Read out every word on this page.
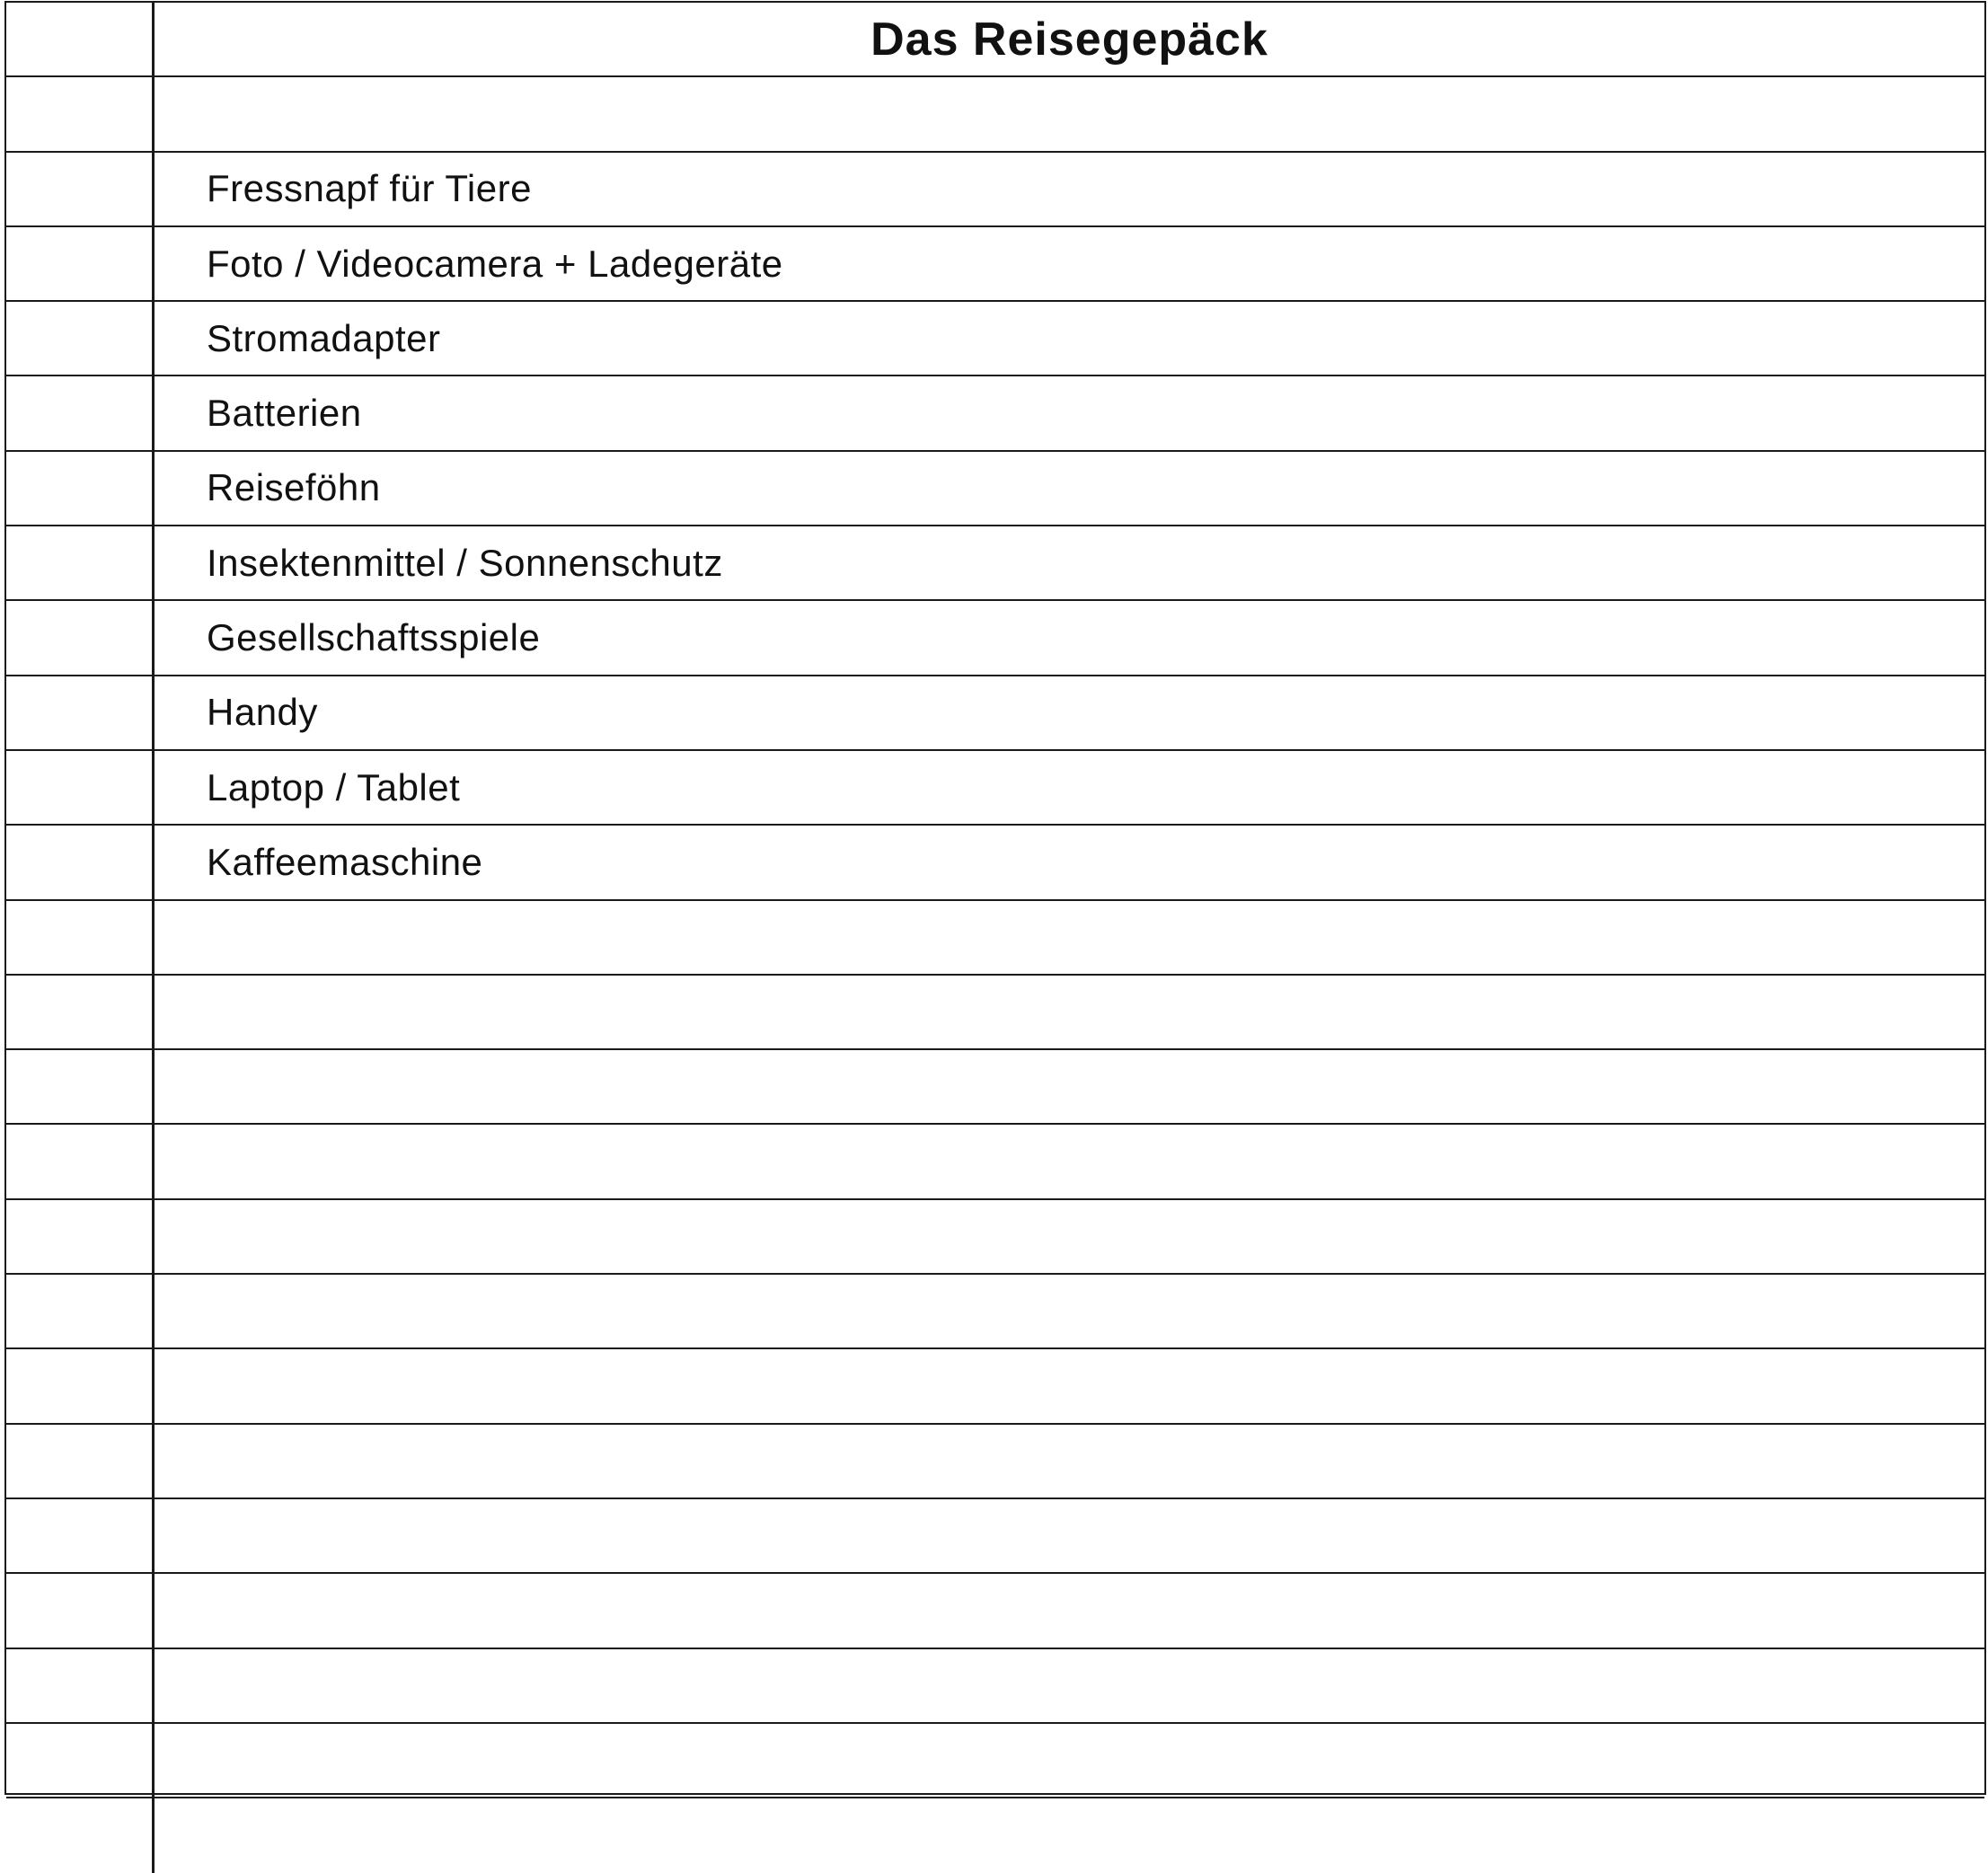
Das Reisegepäck
Fressnapf für Tiere
Foto / Videocamera + Ladegeräte
Stromadapter
Batterien
Reiseföhn
Insektenmittel / Sonnenschutz
Gesellschaftsspiele
Handy
Laptop / Tablet
Kaffeemaschine
